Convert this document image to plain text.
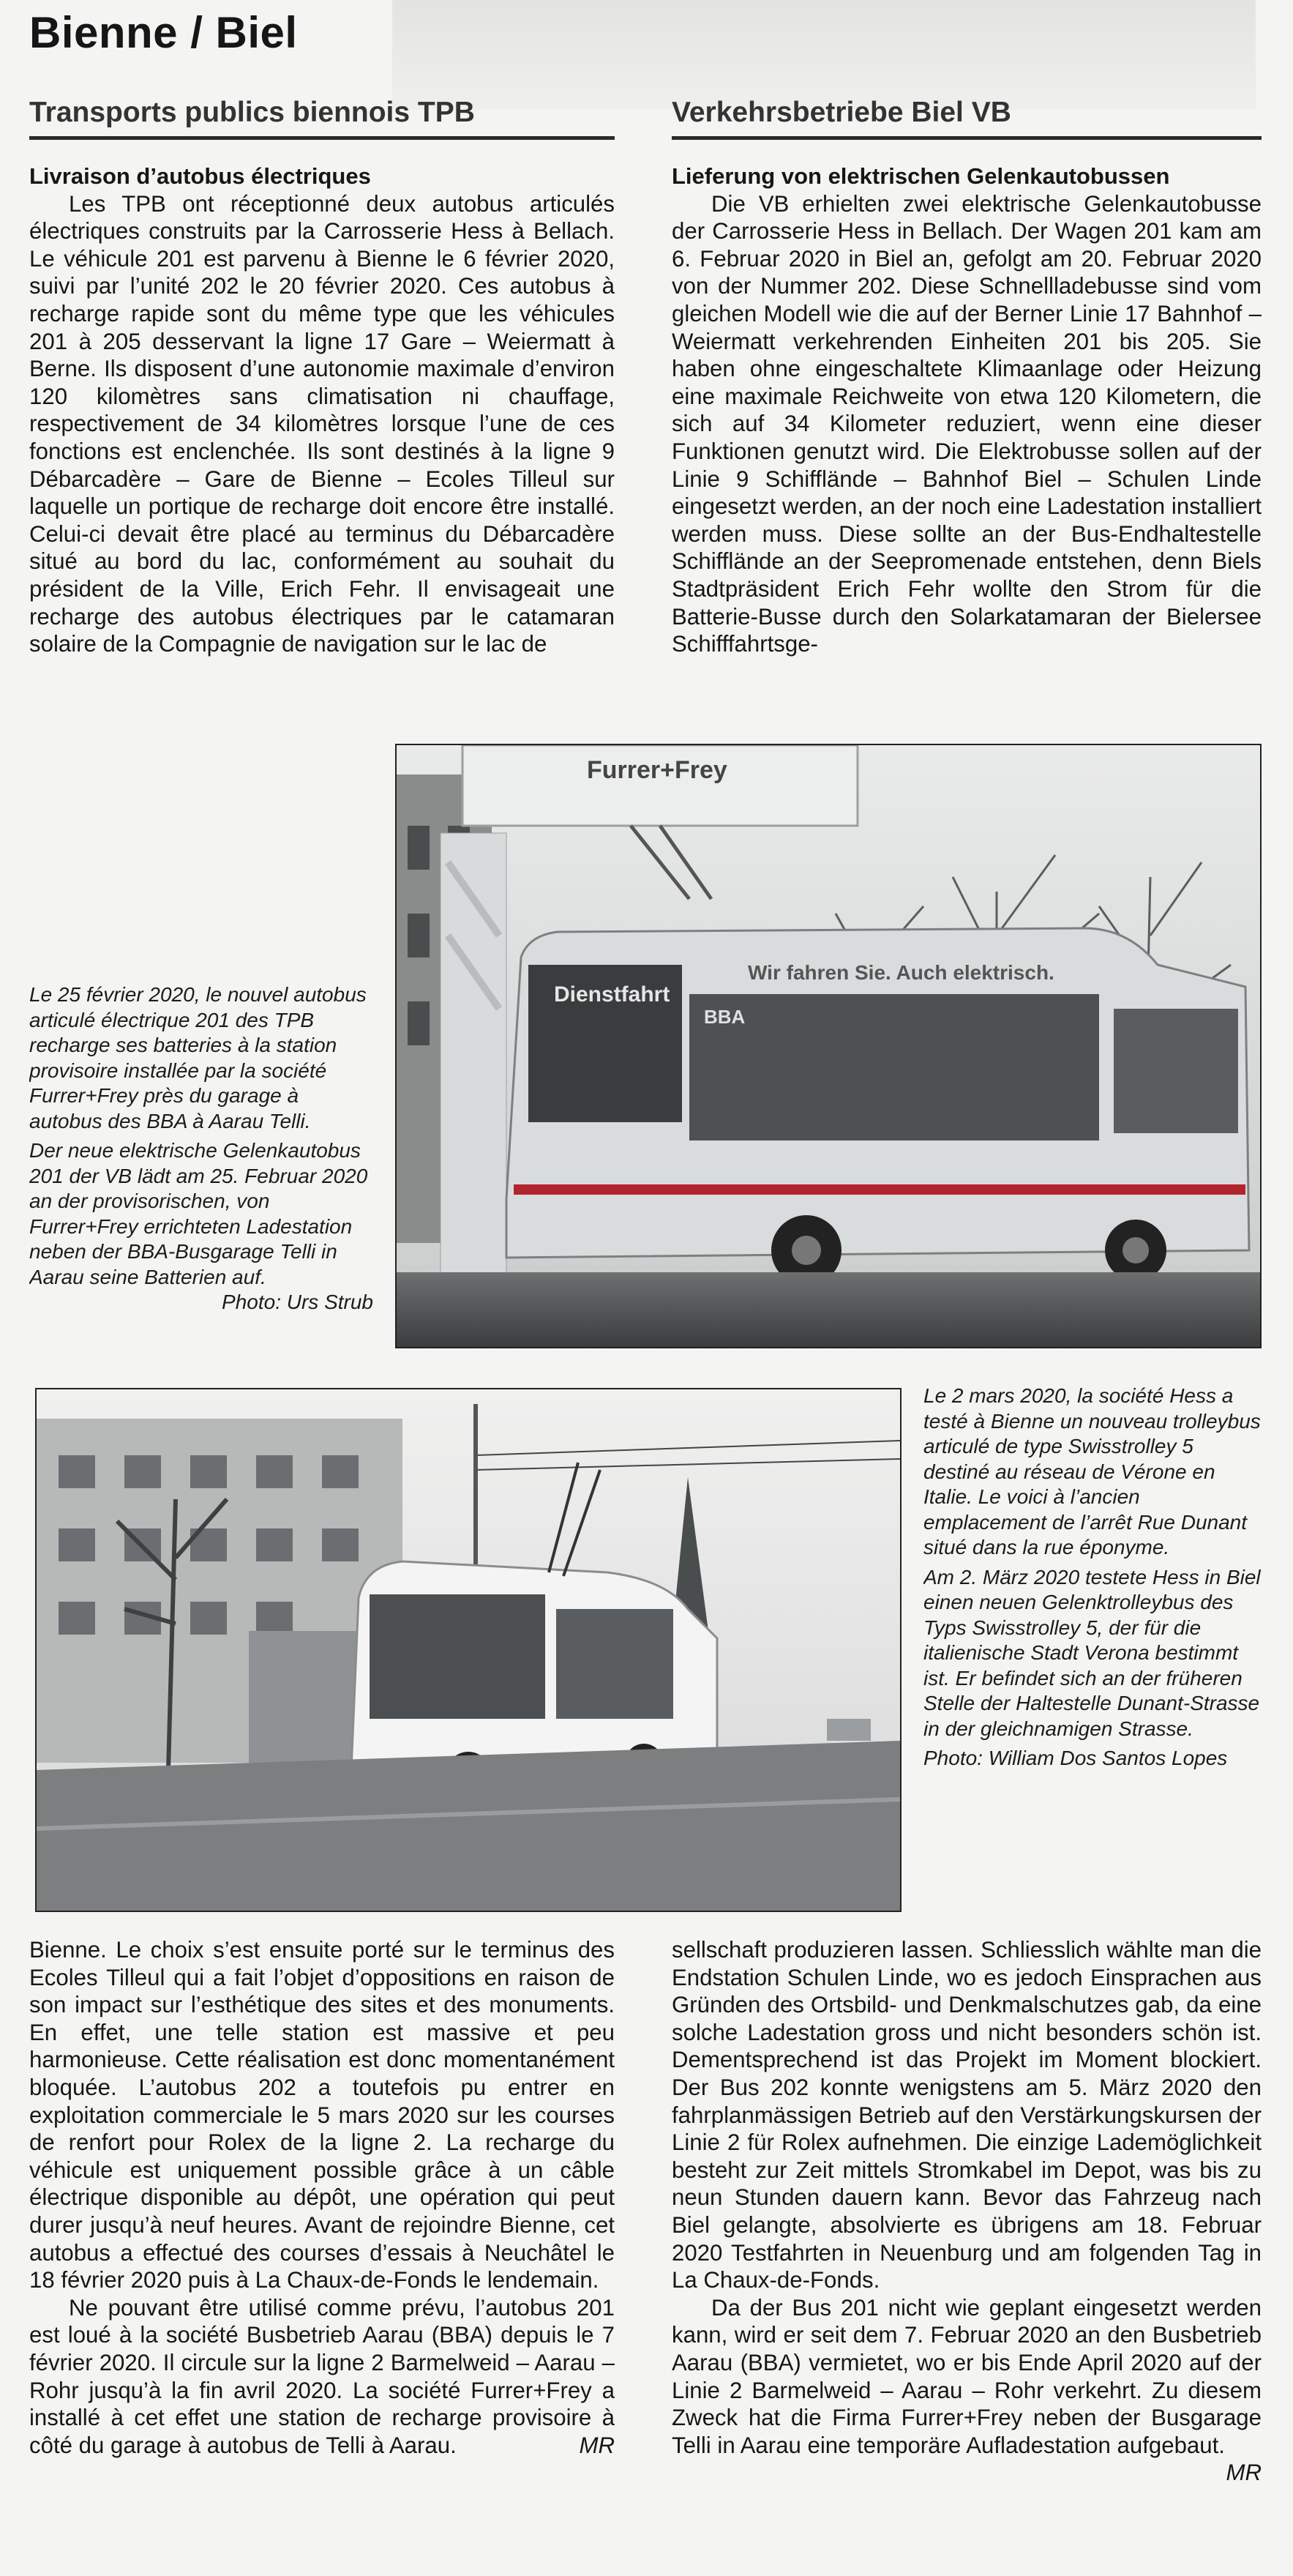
Bienne / Biel
Transports publics biennois TPB	Verkehrsbetriebe Biel VB
Livraison d’autobus électriques

Les TPB ont réceptionné deux autobus articulés électriques construits par la Carrosserie Hess à Bellach. Le véhicule 201 est parvenu à Bienne le 6 février 2020, suivi par l’unité 202 le 20 février 2020. Ces autobus à recharge rapide sont du même type que les véhicules 201 à 205 desservant la ligne 17 Gare – Weiermatt à Berne. Ils disposent d’une autonomie maximale d’environ 120 kilomètres sans climatisation ni chauffage, respectivement de 34 kilomètres lorsque l’une de ces fonctions est enclenchée. Ils sont destinés à la ligne 9 Débarcadère – Gare de Bienne – Ecoles Tilleul sur laquelle un portique de recharge doit encore être installé. Celui-ci devait être placé au terminus du Débarcadère situé au bord du lac, conformément au souhait du président de la Ville, Erich Fehr. Il envisageait une recharge des autobus électriques par le catamaran solaire de la Compagnie de navigation sur le lac de

Lieferung von elektrischen Gelenkautobussen

Die VB erhielten zwei elektrische Gelenkautobusse der Carrosserie Hess in Bellach. Der Wagen 201 kam am 6. Februar 2020 in Biel an, gefolgt am 20. Februar 2020 von der Nummer 202. Diese Schnellladebusse sind vom gleichen Modell wie die auf der Berner Linie 17 Bahnhof – Weiermatt verkehrenden Einheiten 201 bis 205. Sie haben ohne eingeschaltete Klimaanlage oder Heizung eine maximale Reichweite von etwa 120 Kilometern, die sich auf 34 Kilometer reduziert, wenn eine dieser Funktionen genutzt wird. Die Elektrobusse sollen auf der Linie 9 Schifflände – Bahnhof Biel – Schulen Linde eingesetzt werden, an der noch eine Ladestation installiert werden muss. Diese sollte an der Bus-Endhaltestelle Schifflände an der Seepromenade entstehen, denn Biels Stadtpräsident Erich Fehr wollte den Strom für die Batterie-Busse durch den Solarkatamaran der Bielersee Schifffahrtsge-

Le 25 février 2020, le nouvel autobus articulé électrique 201 des TPB recharge ses batteries à la station provisoire installée par la société Furrer+Frey près du garage à autobus des BBA à Aarau Telli.

Der neue elektrische Gelenkautobus 201 der VB lädt am 25. Februar 2020 an der provisorischen, von Furrer+Frey errichteten Ladestation neben der BBA-Busgarage Telli in Aarau seine Batterien auf.
Photo: Urs Strub

Furrer+Frey
Dienstfahrt
Wir fahren Sie. Auch elektrisch.
BBA

Le 2 mars 2020, la société Hess a testé à Bienne un nouveau trolleybus articulé de type Swisstrolley 5 destiné au réseau de Vérone en Italie. Le voici à l’ancien emplacement de l’arrêt Rue Dunant situé dans la rue éponyme.

Am 2. März 2020 testete Hess in Biel einen neuen Gelenktrolleybus des Typs Swisstrolley 5, der für die italienische Stadt Verona bestimmt ist. Er befindet sich an der früheren Stelle der Haltestelle Dunant-Strasse in der gleichnamigen Strasse.

Photo: William Dos Santos Lopes

Bienne. Le choix s’est ensuite porté sur le terminus des Ecoles Tilleul qui a fait l’objet d’oppositions en raison de son impact sur l’esthétique des sites et des monuments. En effet, une telle station est massive et peu harmonieuse. Cette réalisation est donc momentanément bloquée. L’autobus 202 a toutefois pu entrer en exploitation commerciale le 5 mars 2020 sur les courses de renfort pour Rolex de la ligne 2. La recharge du véhicule est uniquement possible grâce à un câble électrique disponible au dépôt, une opération qui peut durer jusqu’à neuf heures. Avant de rejoindre Bienne, cet autobus a effectué des courses d’essais à Neuchâtel le 18 février 2020 puis à La Chaux-de-Fonds le lendemain.

Ne pouvant être utilisé comme prévu, l’autobus 201 est loué à la société Busbetrieb Aarau (BBA) depuis le 7 février 2020. Il circule sur la ligne 2 Barmelweid – Aarau – Rohr jusqu’à la fin avril 2020. La société Furrer+Frey a installé à cet effet une station de recharge provisoire à côté du garage à autobus de Telli à Aarau.	MR

sellschaft produzieren lassen. Schliesslich wählte man die Endstation Schulen Linde, wo es jedoch Einsprachen aus Gründen des Ortsbild- und Denkmalschutzes gab, da eine solche Ladestation gross und nicht besonders schön ist. Dementsprechend ist das Projekt im Moment blockiert. Der Bus 202 konnte wenigstens am 5. März 2020 den fahrplanmässigen Betrieb auf den Verstärkungskursen der Linie 2 für Rolex aufnehmen. Die einzige Lademöglichkeit besteht zur Zeit mittels Stromkabel im Depot, was bis zu neun Stunden dauern kann. Bevor das Fahrzeug nach Biel gelangte, absolvierte es übrigens am 18. Februar 2020 Testfahrten in Neuenburg und am folgenden Tag in La Chaux-de-Fonds.

Da der Bus 201 nicht wie geplant eingesetzt werden kann, wird er seit dem 7. Februar 2020 an den Busbetrieb Aarau (BBA) vermietet, wo er bis Ende April 2020 auf der Linie 2 Barmelweid – Aarau – Rohr verkehrt. Zu diesem Zweck hat die Firma Furrer+Frey neben der Busgarage Telli in Aarau eine temporäre Aufladestation aufgebaut.
MR
